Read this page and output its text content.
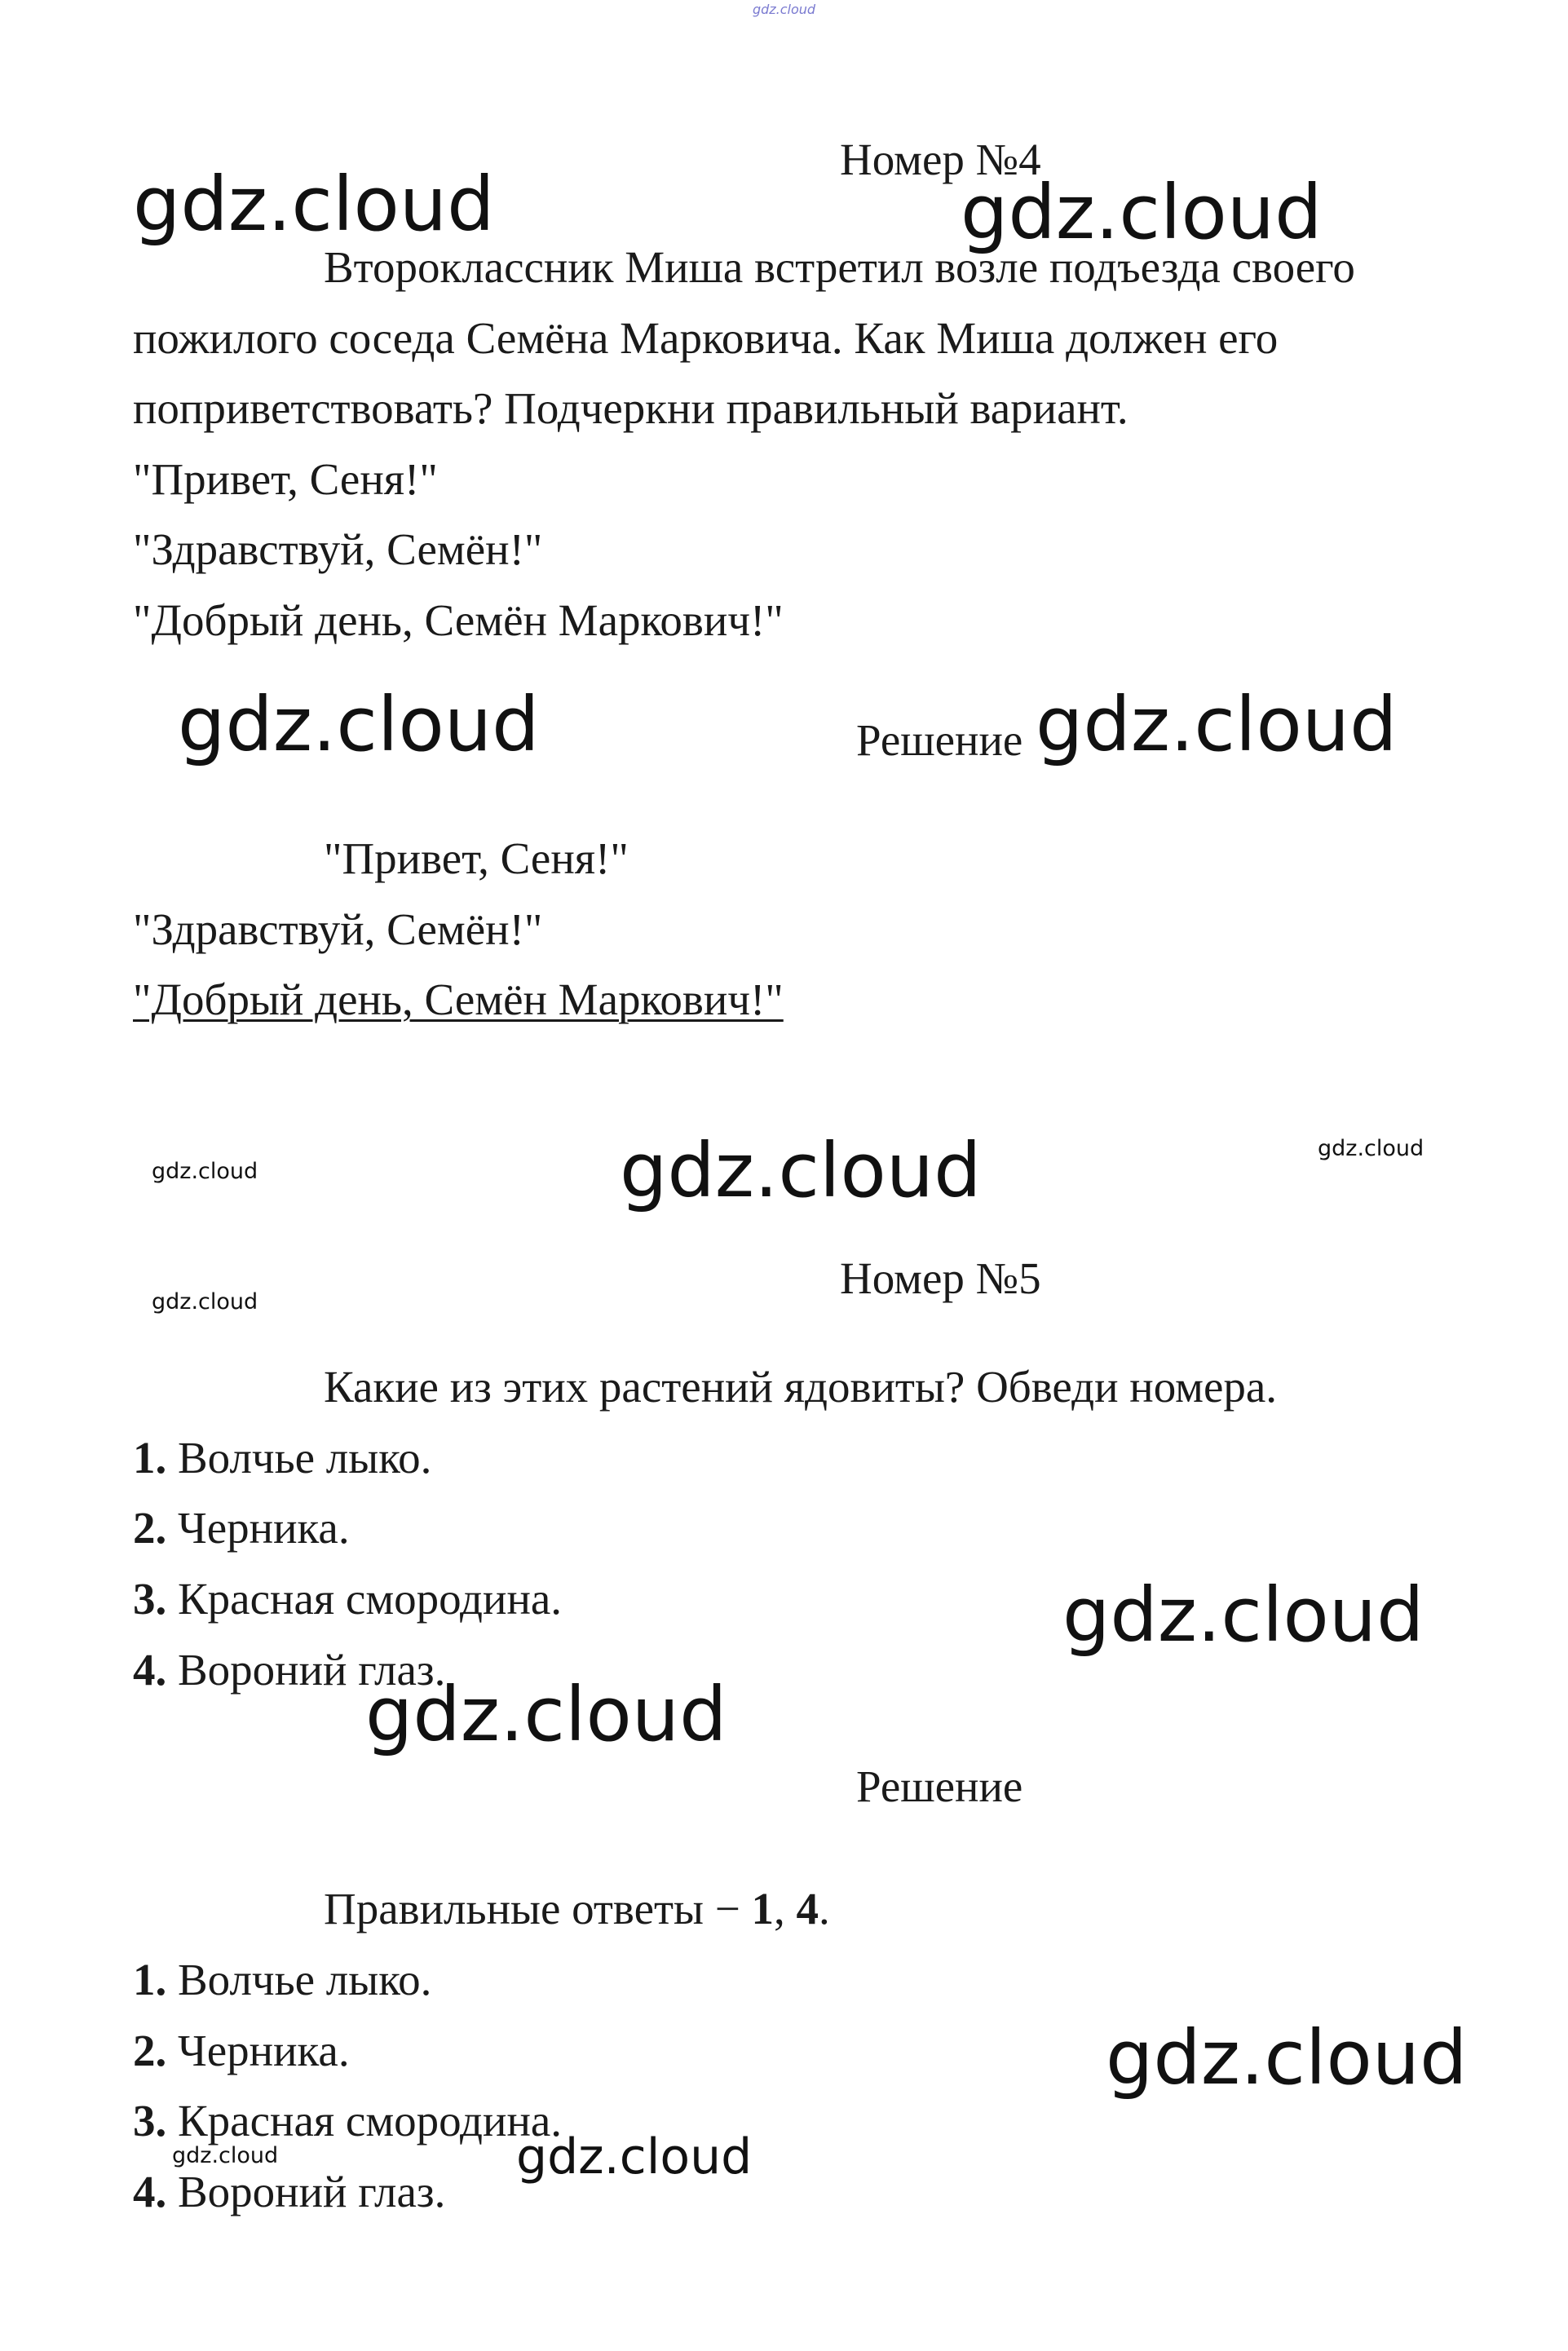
gdz.cloud
Номер №4
Второклассник Миша встретил возле подъезда своего
пожилого соседа Семёна Марковича. Как Миша должен его
поприветствовать? Подчеркни правильный вариант.
"Привет, Сеня!"
"Здравствуй, Семён!"
"Добрый день, Семён Маркович!"
Решение
"Привет, Сеня!"
"Здравствуй, Семён!"
"Добрый день, Семён Маркович!"
Номер №5
Какие из этих растений ядовиты? Обведи номера.
1. Волчье лыко.
2. Черника.
3. Красная смородина.
4. Вороний глаз.
Решение
Правильные ответы − 1, 4.
1. Волчье лыко.
2. Черника.
3. Красная смородина.
4. Вороний глаз.
gdz.cloud	gdz.cloud
gdz.cloud	gdz.cloud
gdz.cloud
gdz.cloud
gdz.cloud
gdz.cloud
gdz.cloud
gdz.cloud
gdz.cloud
gdz.cloud
gdz.cloud
